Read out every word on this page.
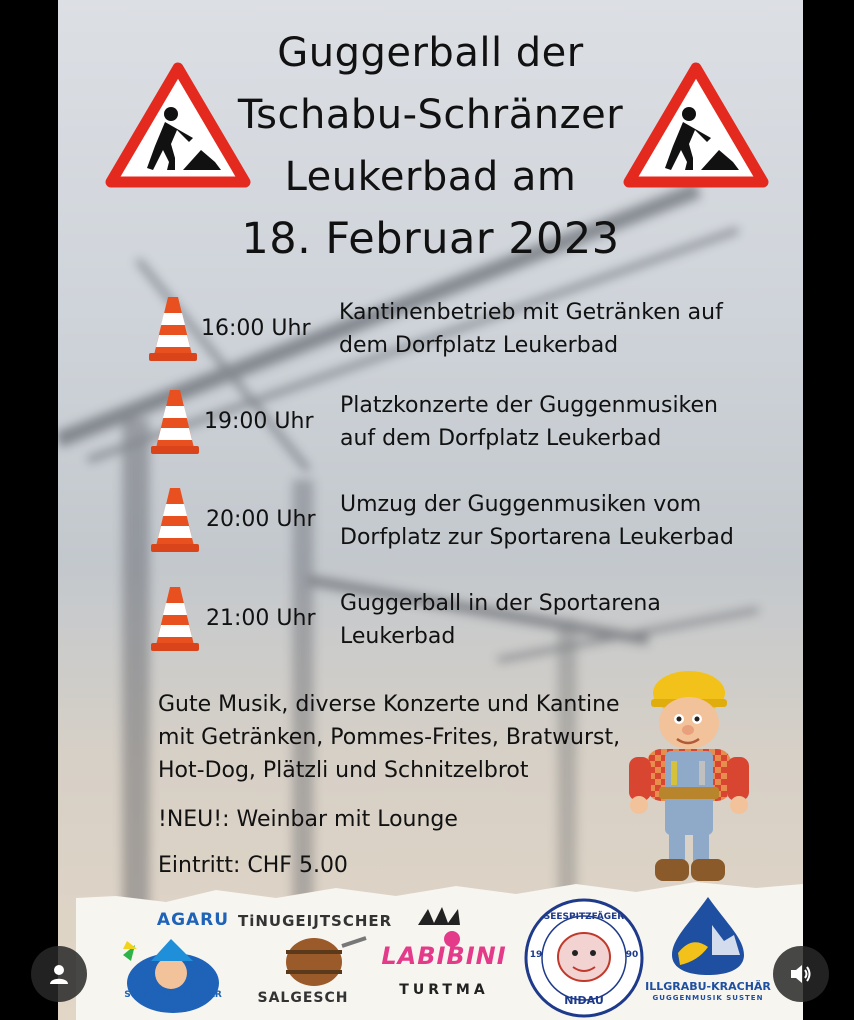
Guggerball der
Tschabu-Schränzer
Leukerbad am
18. Februar 2023
16:00 Uhr
Kantinenbetrieb mit Getränken auf
dem Dorfplatz Leukerbad
19:00 Uhr
Platzkonzerte der Guggenmusiken
auf dem Dorfplatz Leukerbad
20:00 Uhr
Umzug der Guggenmusiken vom
Dorfplatz zur Sportarena Leukerbad
21:00 Uhr
Guggerball in der Sportarena
Leukerbad
Gute Musik, diverse Konzerte und Kantine
mit Getränken, Pommes-Frites, Bratwurst,
Hot-Dog, Plätzli und Schnitzelbrot
!NEU!: Weinbar mit Lounge
Eintritt: CHF 5.00
AGARU
SCHATUSCHLICKÄR
TiNUGEIJTSCHER
SALGESCH
LABIBINI
TURTMA
SEESPITZFÄGER
19	90
NIDAU
ILLGRABU-KRACHÄR
GUGGENMUSIK SUSTEN
